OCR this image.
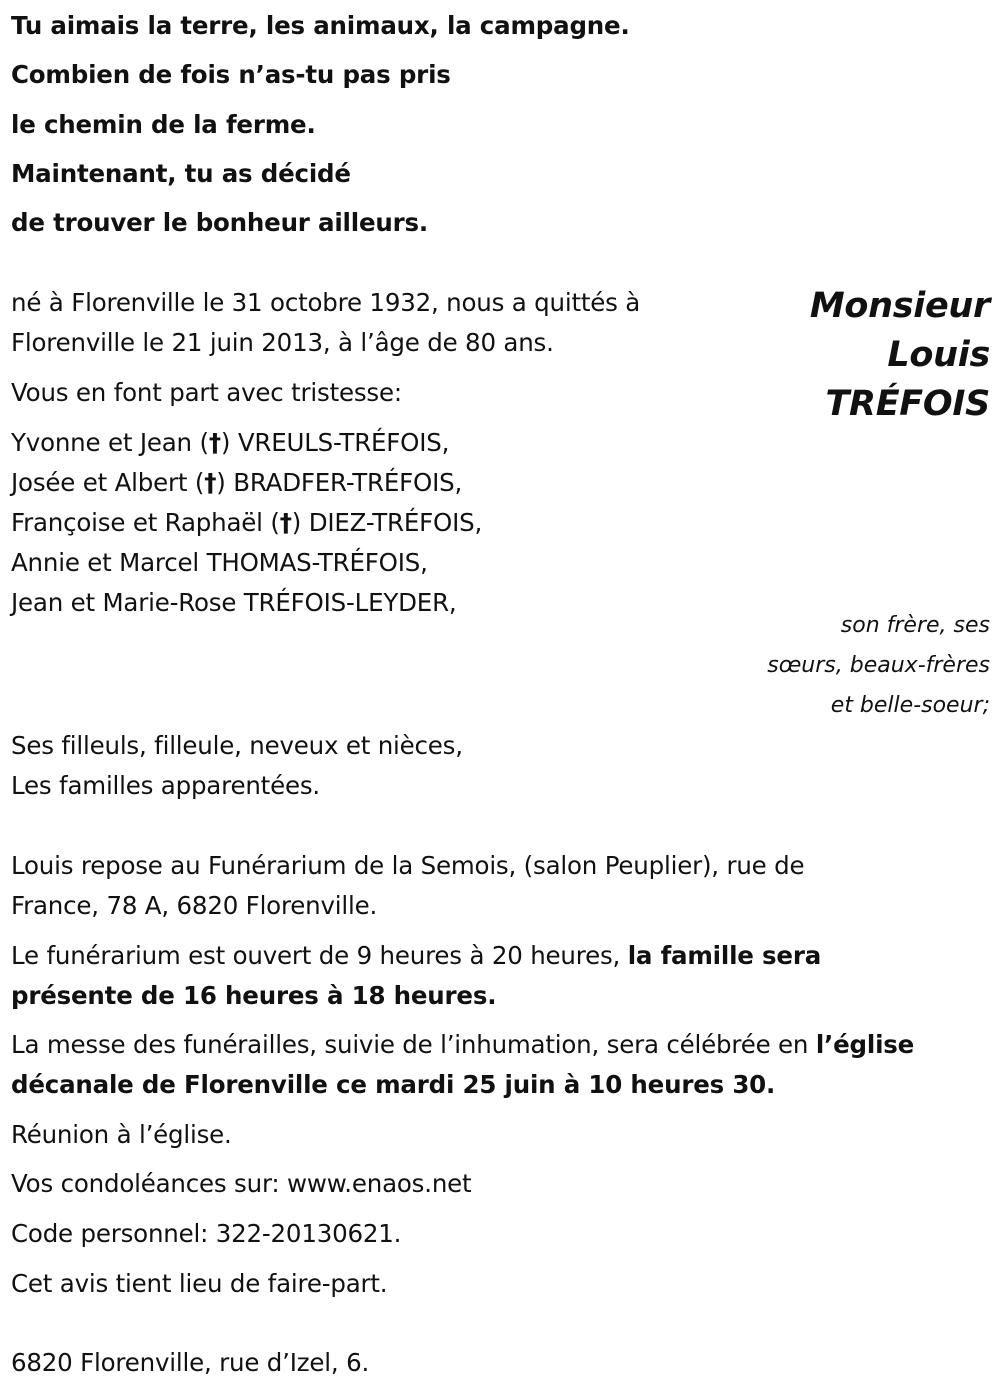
Tu aimais la terre, les animaux, la campagne.
Combien de fois n’as-tu pas pris
le chemin de la ferme.
Maintenant, tu as décidé
de trouver le bonheur ailleurs.
Monsieur
Louis
TRÉFOIS
né à Florenville le 31 octobre 1932, nous a quittés à
Florenville le 21 juin 2013, à l’âge de 80 ans.
Vous en font part avec tristesse:
Yvonne et Jean (†) VREULS-TRÉFOIS,
Josée et Albert (†) BRADFER-TRÉFOIS,
Françoise et Raphaël (†) DIEZ-TRÉFOIS,
Annie et Marcel THOMAS-TRÉFOIS,
Jean et Marie-Rose TRÉFOIS-LEYDER,
son frère, ses
sœurs, beaux-frères
et belle-soeur;
Ses filleuls, filleule, neveux et nièces,
Les familles apparentées.
Louis repose au Funérarium de la Semois, (salon Peuplier), rue de
France, 78 A, 6820 Florenville.
Le funérarium est ouvert de 9 heures à 20 heures, la famille sera
présente de 16 heures à 18 heures.
La messe des funérailles, suivie de l’inhumation, sera célébrée en l’église
décanale de Florenville ce mardi 25 juin à 10 heures 30.
Réunion à l’église.
Vos condoléances sur: www.enaos.net
Code personnel: 322-20130621.
Cet avis tient lieu de faire-part.
6820 Florenville, rue d’Izel, 6.
